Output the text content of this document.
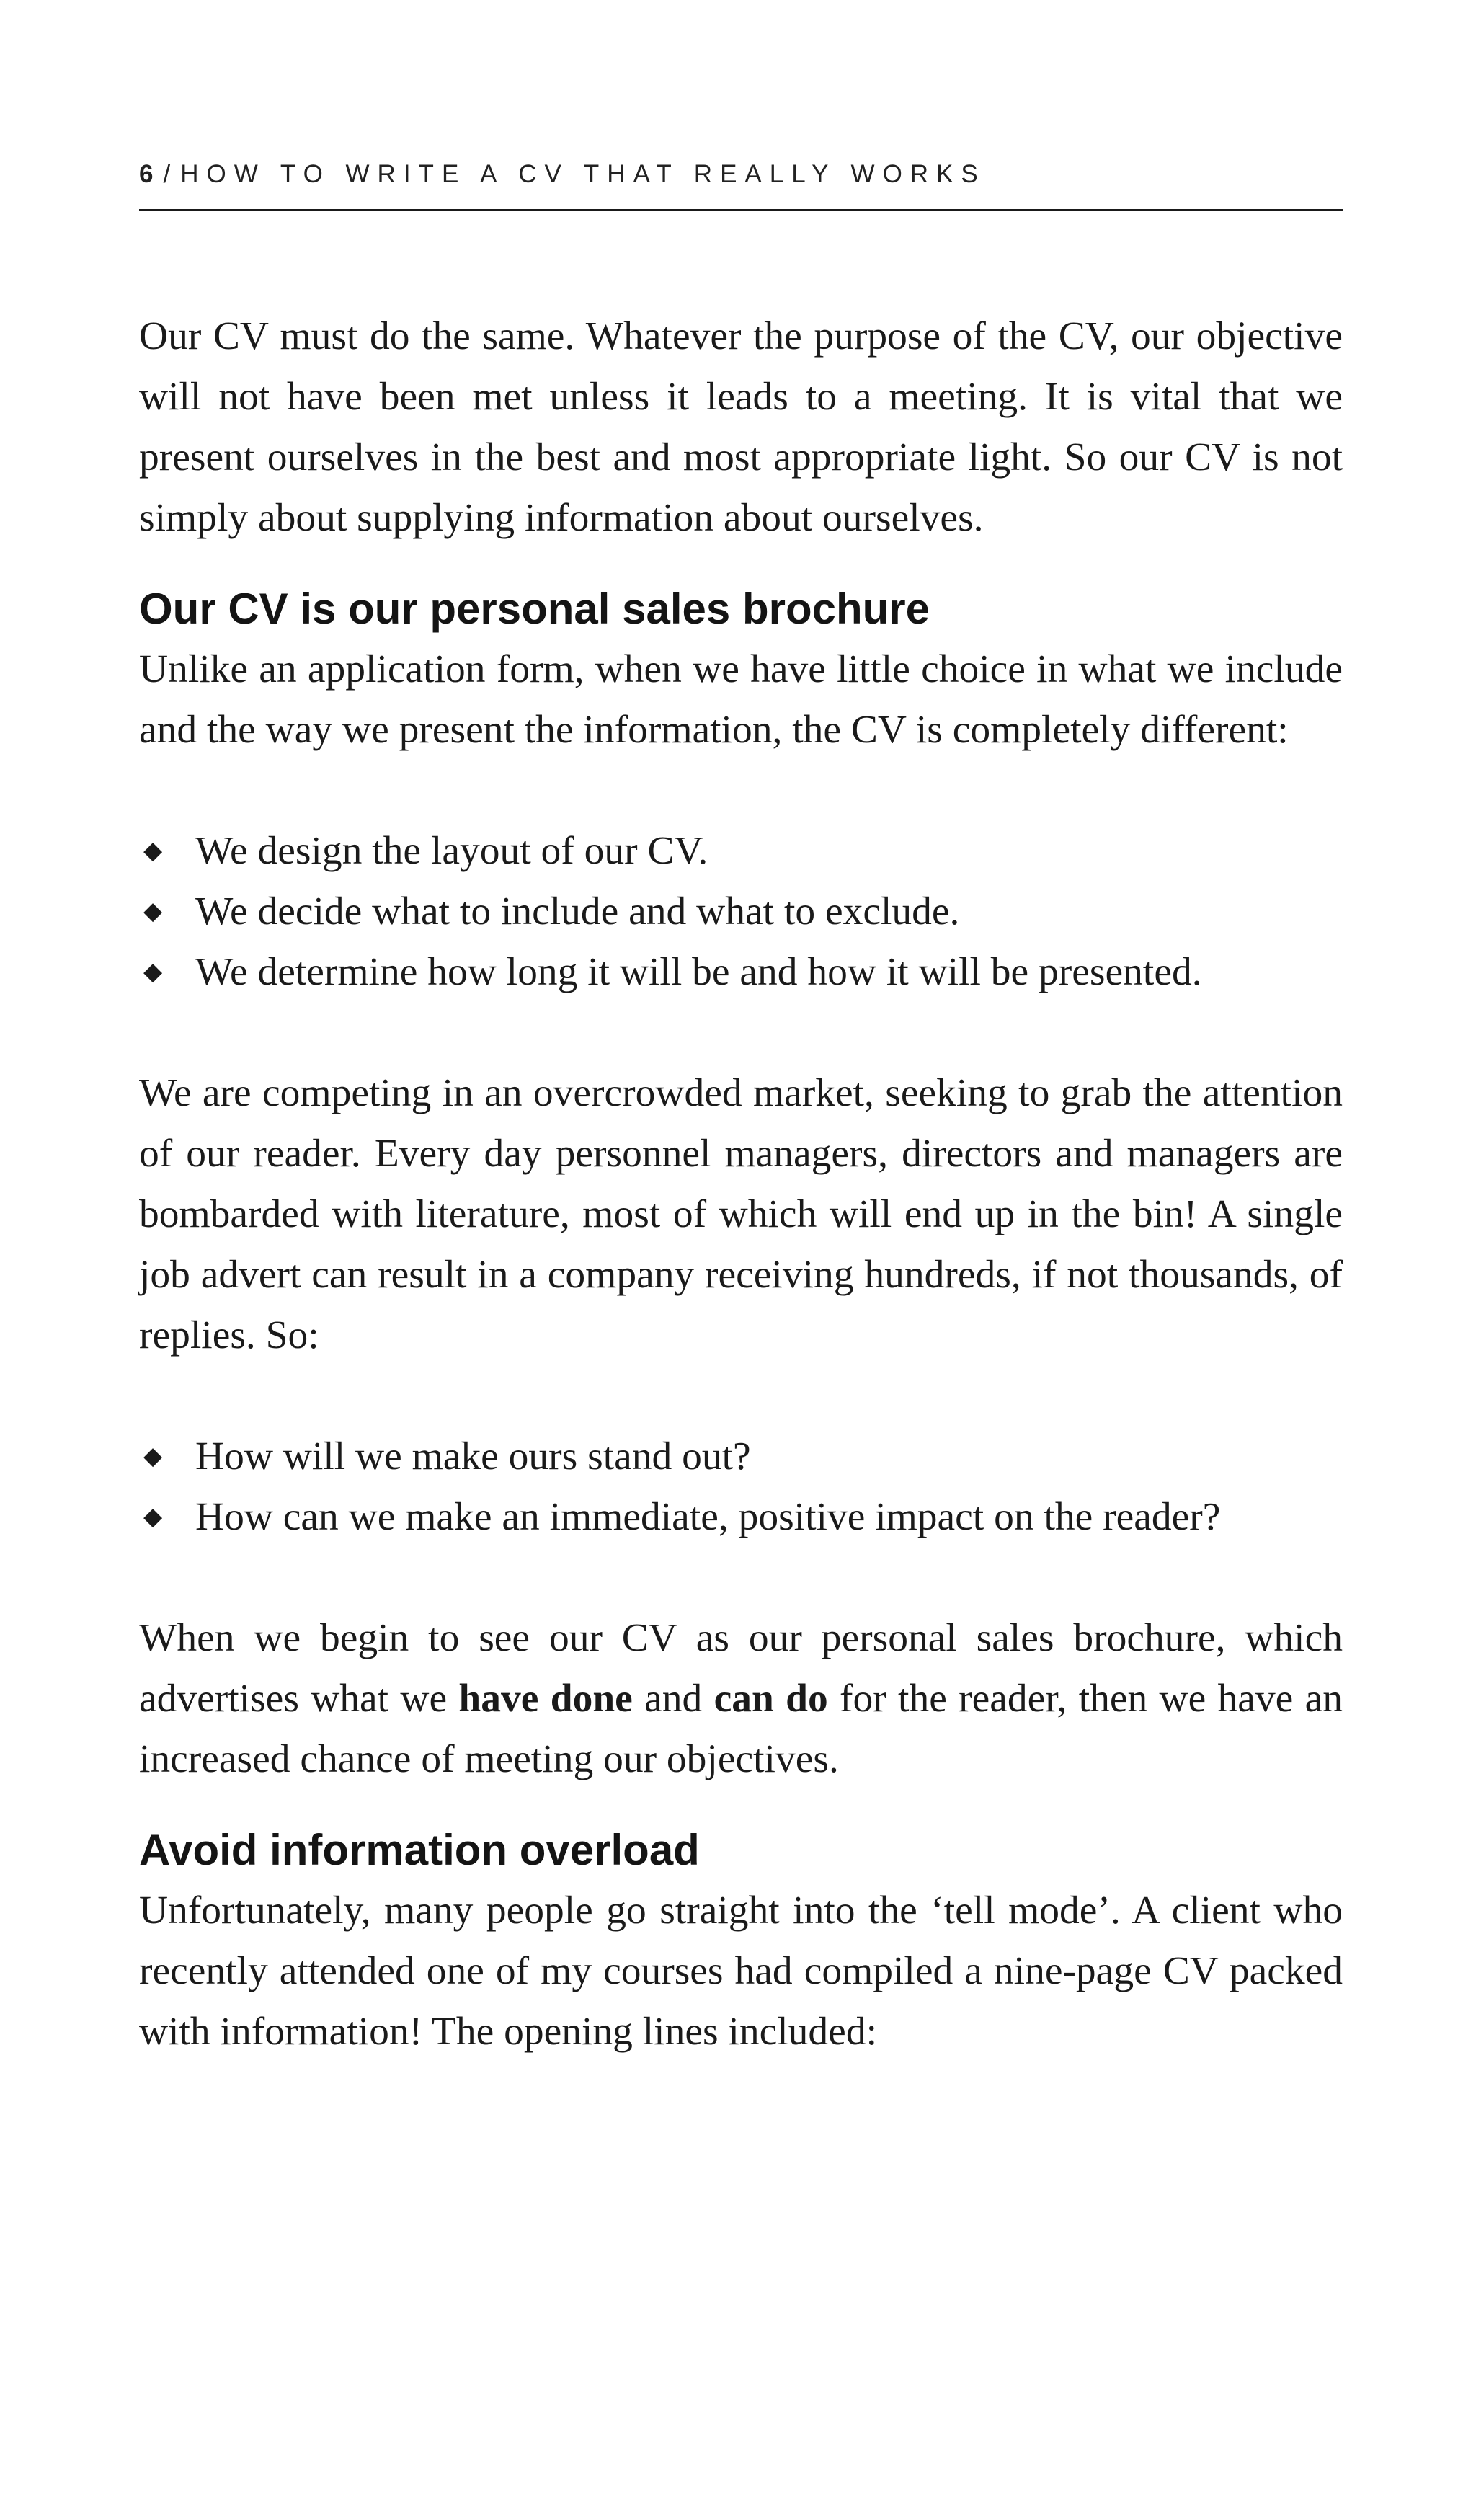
6 / HOW TO WRITE A CV THAT REALLY WORKS

Our CV must do the same. Whatever the purpose of the CV, our objective will not have been met unless it leads to a meeting. It is vital that we present ourselves in the best and most appropriate light. So our CV is not simply about supplying information about ourselves.

Our CV is our personal sales brochure

Unlike an application form, when we have little choice in what we include and the way we present the information, the CV is completely different:

◆ We design the layout of our CV.
◆ We decide what to include and what to exclude.
◆ We determine how long it will be and how it will be presented.

We are competing in an overcrowded market, seeking to grab the attention of our reader. Every day personnel managers, directors and managers are bombarded with literature, most of which will end up in the bin! A single job advert can result in a company receiving hundreds, if not thousands, of replies. So:

◆ How will we make ours stand out?
◆ How can we make an immediate, positive impact on the reader?

When we begin to see our CV as our personal sales brochure, which advertises what we have done and can do for the reader, then we have an increased chance of meeting our objectives.

Avoid information overload

Unfortunately, many people go straight into the ‘tell mode’. A client who recently attended one of my courses had compiled a nine-page CV packed with information! The opening lines included:
